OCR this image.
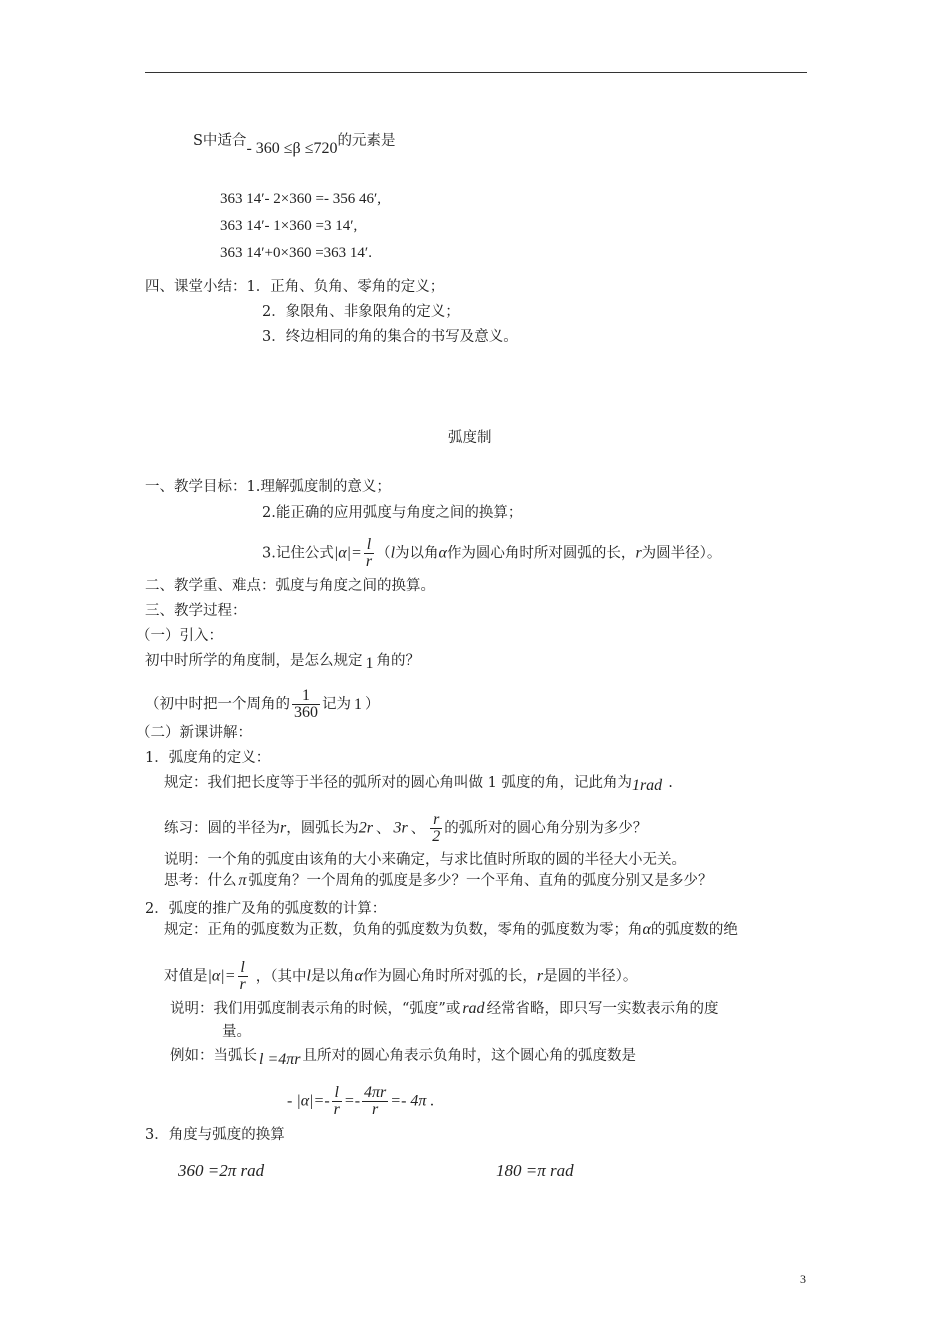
S中适合- 360 ≤β ≤720的元素是
363 14′- 2×360 =- 356 46′,
363 14′- 1×360 =3 14′,
363 14′+0×360 =363 14′.
四、课堂小结：1．正角、负角、零角的定义；
2．象限角、非象限角的定义；
3．终边相同的角的集合的书写及意义。
弧度制
一、教学目标：1.理解弧度制的意义；
2.能正确的应用弧度与角度之间的换算；
3.记住公式$|\alpha|= \frac{l}{r} (l$为以角α作为圆心角时所对圆弧的长，r为圆半径）。
二、教学重、难点：弧度与角度之间的换算。
三、教学过程：
（一）引入：
初中时所学的角度制，是怎么规定 1 角的？
（初中时把一个周角的 $\frac{1}{360}$ 记为 1 ）
（二）新课讲解：
1．弧度角的定义：
规定：我们把长度等于半径的弧所对的圆心角叫做 1 弧度的角，记此角为1rad .
练习：圆的半径为r，圆弧长为2r 、 3r 、 $\frac{r}{2}$ 的弧所对的圆心角分别为多少？
说明：一个角的弧度由该角的大小来确定，与求比值时所取的圆的半径大小无关。
思考：什么 π 弧度角？一个周角的弧度是多少？一个平角、直角的弧度分别又是多少？
2．弧度的推广及角的弧度数的计算：
规定：正角的弧度数为正数，负角的弧度数为负数，零角的弧度数为零；角α的弧度数的绝
对值是$|\alpha|= \frac{l}{r}$ ，（其中l是以角α作为圆心角时所对弧的长，r是圆的半径）。
说明：我们用弧度制表示角的时候，“弧度”或 rad 经常省略，即只写一实数表示角的度
量。
例如：当弧长 l =4πr 且所对的圆心角表示负角时，这个圆心角的弧度数是
- $|\alpha|=- \frac{l}{r} =- \frac{4\pi r}{r} =- 4\pi$ .
3．角度与弧度的换算
360 =2π rad	180 =π rad
3
